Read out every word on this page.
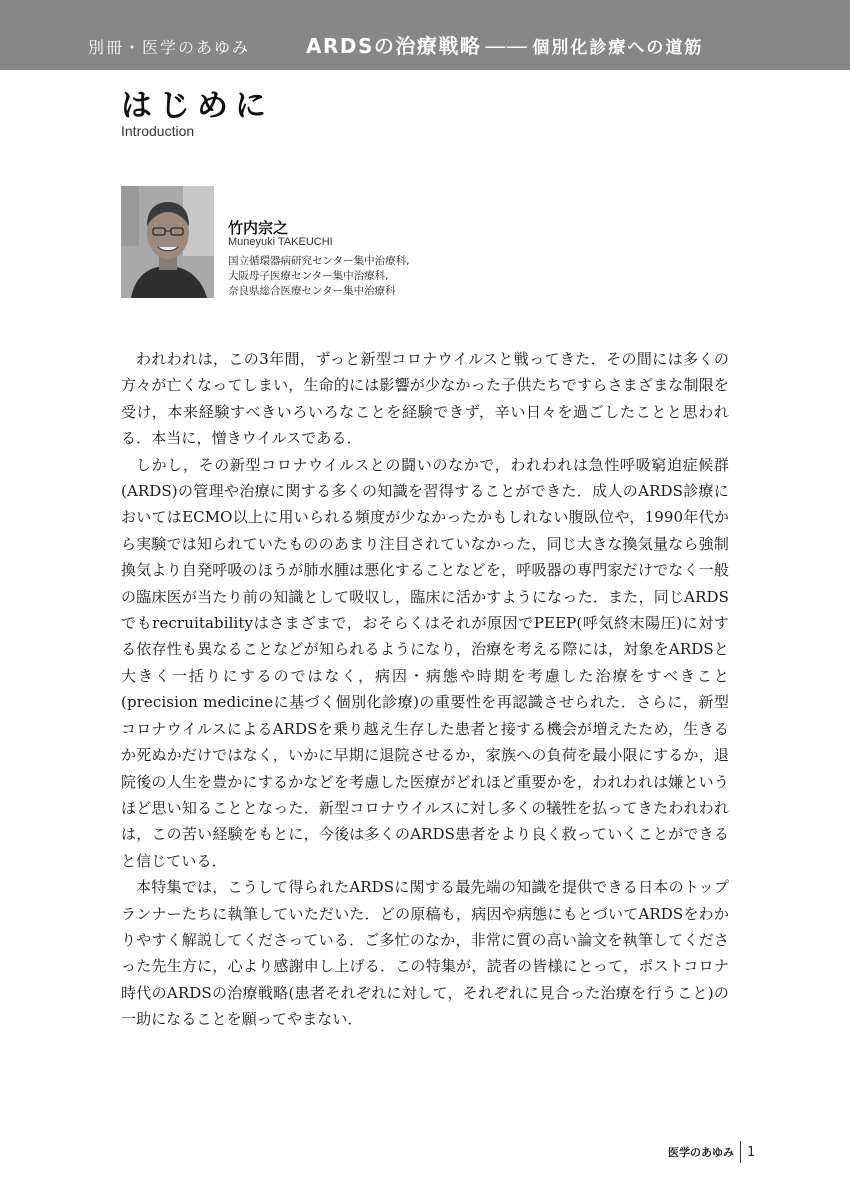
別冊・医学のあゆみ	ARDSの治療戦略 ―― 個別化診療への道筋
はじめに
Introduction
竹内宗之
Muneyuki TAKEUCHI
国立循環器病研究センター集中治療科,
大阪母子医療センター集中治療科,
奈良県総合医療センター集中治療科

われわれは，この3年間，ずっと新型コロナウイルスと戦ってきた．その間には多くの方々が亡くなってしまい，生命的には影響が少なかった子供たちですらさまざまな制限を受け，本来経験すべきいろいろなことを経験できず，辛い日々を過ごしたことと思われる．本当に，憎きウイルスである．

しかし，その新型コロナウイルスとの闘いのなかで，われわれは急性呼吸窮迫症候群(ARDS)の管理や治療に関する多くの知識を習得することができた．成人のARDS診療においてはECMO以上に用いられる頻度が少なかったかもしれない腹臥位や，1990年代から実験では知られていたもののあまり注目されていなかった，同じ大きな換気量なら強制換気より自発呼吸のほうが肺水腫は悪化することなどを，呼吸器の専門家だけでなく一般の臨床医が当たり前の知識として吸収し，臨床に活かすようになった．また，同じARDSでもrecruitabilityはさまざまで，おそらくはそれが原因でPEEP(呼気終末陽圧)に対する依存性も異なることなどが知られるようになり，治療を考える際には，対象をARDSと大きく一括りにするのではなく，病因・病態や時期を考慮した治療をすべきこと(precision medicineに基づく個別化診療)の重要性を再認識させられた．さらに，新型コロナウイルスによるARDSを乗り越え生存した患者と接する機会が増えたため，生きるか死ぬかだけではなく，いかに早期に退院させるか，家族への負荷を最小限にするか，退院後の人生を豊かにするかなどを考慮した医療がどれほど重要かを，われわれは嫌というほど思い知ることとなった．新型コロナウイルスに対し多くの犠牲を払ってきたわれわれは，この苦い経験をもとに，今後は多くのARDS患者をより良く救っていくことができると信じている．

本特集では，こうして得られたARDSに関する最先端の知識を提供できる日本のトップランナーたちに執筆していただいた．どの原稿も，病因や病態にもとづいてARDSをわかりやすく解説してくださっている．ご多忙のなか，非常に質の高い論文を執筆してくださった先生方に，心より感謝申し上げる．この特集が，読者の皆様にとって，ポストコロナ時代のARDSの治療戦略(患者それぞれに対して，それぞれに見合った治療を行うこと)の一助になることを願ってやまない．

医学のあゆみ 1
